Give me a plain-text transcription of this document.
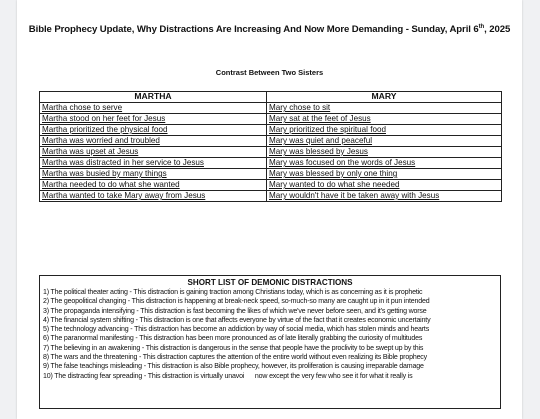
Bible Prophecy Update, Why Distractions Are Increasing And Now More Demanding - Sunday, April 6th, 2025
Contrast Between Two Sisters
MARTHA	MARY
Martha chose to serve	Mary chose to sit
Martha stood on her feet for Jesus	Mary sat at the feet of Jesus
Martha prioritized the physical food	Mary prioritized the spiritual food
Martha was worried and troubled	Mary was quiet and peaceful
Martha was upset at Jesus	Mary was blessed by Jesus
Martha was distracted in her service to Jesus	Mary was focused on the words of Jesus
Martha was busied by many things	Mary was blessed by only one thing
Martha needed to do what she wanted	Mary wanted to do what she needed
Martha wanted to take Mary away from Jesus	Mary wouldn't have it be taken away with Jesus
SHORT LIST OF DEMONIC DISTRACTIONS
1) The political theater acting - This distraction is gaining traction among Christians today, which is as concerning as it is prophetic
2) The geopolitical changing - This distraction is happening at break-neck speed, so-much-so many are caught up in it pun intended
3) The propaganda intensifying - This distraction is fast becoming the likes of which we've never before seen, and it's getting worse
4) The financial system shifting - This distraction is one that affects everyone by virtue of the fact that it creates economic uncertainty
5) The technology advancing - This distraction has become an addiction by way of social media, which has stolen minds and hearts
6) The paranormal manifesting - This distraction has been more pronounced as of late literally grabbing the curiosity of multitudes
7) The believing in an awakening - This distraction is dangerous in the sense that people have the proclivity to be swept up by this
8) The wars and the threatening - This distraction captures the attention of the entire world without even realizing its Bible prophecy
9) The false teachings misleading - This distraction is also Bible prophecy, however, its proliferation is causing irreparable damage
10) The distracting fear spreading - This distraction is virtually unavoi      now except the very few who see it for what it really is
